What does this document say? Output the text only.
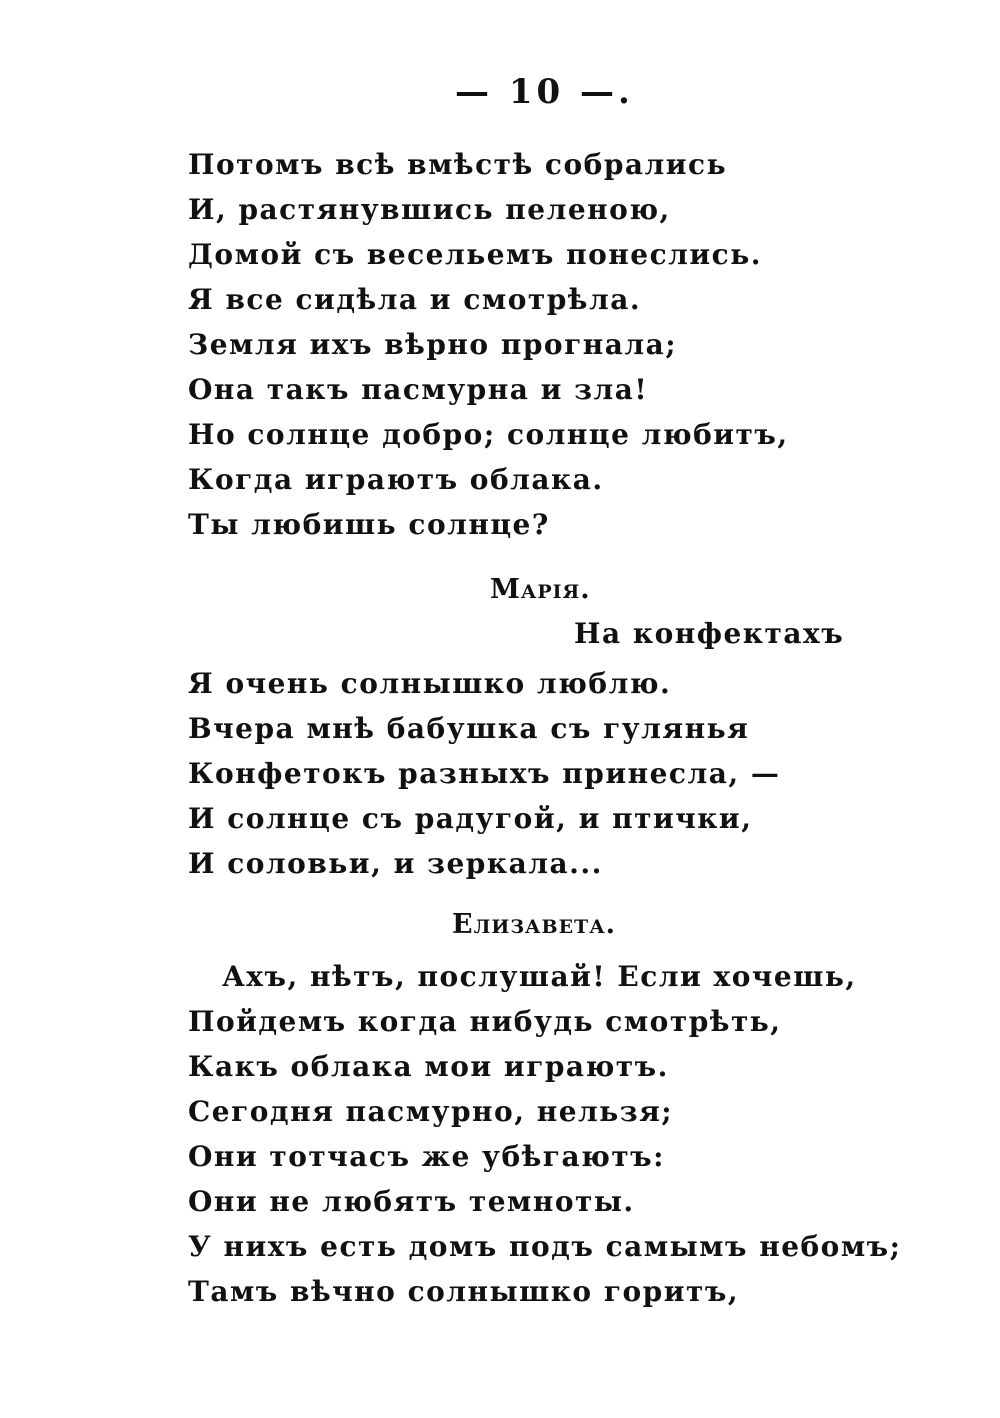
— 10 —.
Потомъ всѣ вмѣстѣ собрались
И, растянувшись пеленою,
Домой съ весельемъ понеслись.
Я все сидѣла и смотрѣла.
Земля ихъ вѣрно прогнала;
Она такъ пасмурна и зла!
Но солнце добро; солнце любитъ,
Когда играютъ облака.
Ты любишь солнце?
Марія.
На конфектахъ
Я очень солнышко люблю.
Вчера мнѣ бабушка съ гулянья
Конфетокъ разныхъ принесла, —
И солнце съ радугой, и птички,
И соловьи, и зеркала...
Елизавета.
Ахъ, нѣтъ, послушай! Если хочешь,
Пойдемъ когда нибудь смотрѣть,
Какъ облака мои играютъ.
Сегодня пасмурно, нельзя;
Они тотчасъ же убѣгаютъ:
Они не любятъ темноты.
У нихъ есть домъ подъ самымъ небомъ;
Тамъ вѣчно солнышко горитъ,
